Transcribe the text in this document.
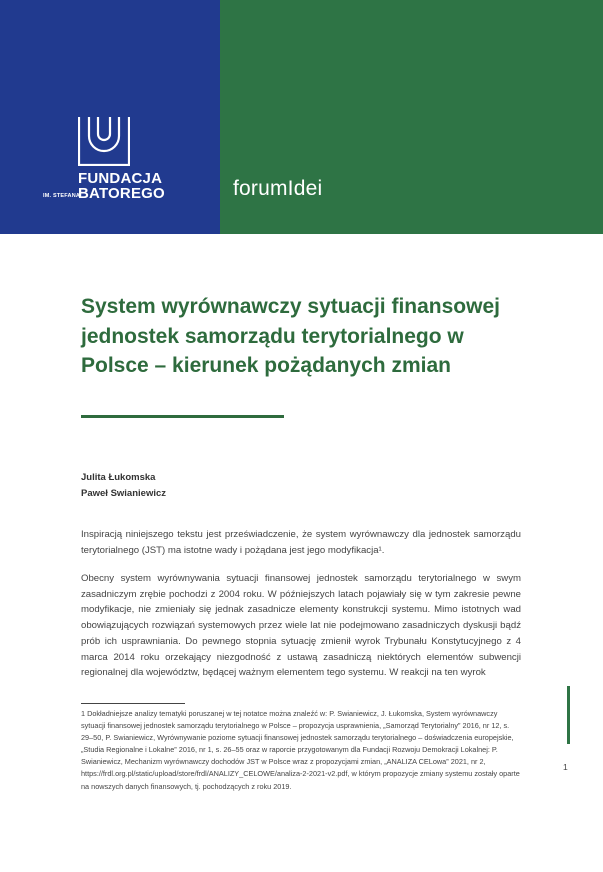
FUNDACJA
IM. STEFANA
BATOREGO	forumIdei
System wyrównawczy sytuacji finansowej jednostek samorządu terytorialnego w Polsce – kierunek pożądanych zmian
Julita Łukomska
Paweł Swianiewicz

Inspiracją niniejszego tekstu jest przeświadczenie, że system wyrównawczy dla jednostek samorządu terytorialnego (JST) ma istotne wady i pożądana jest jego modyfikacja¹.

Obecny system wyrównywania sytuacji finansowej jednostek samorządu terytorialnego w swym zasadniczym zrębie pochodzi z 2004 roku. W późniejszych latach pojawiały się w tym zakresie pewne modyfikacje, nie zmieniały się jednak zasadnicze elementy konstrukcji systemu. Mimo istotnych wad obowiązujących rozwiązań systemowych przez wiele lat nie podejmowano zasadniczych dyskusji bądź prób ich usprawniania. Do pewnego stopnia sytuację zmienił wyrok Trybunału Konstytucyjnego z 4 marca 2014 roku orzekający niezgodność z ustawą zasadniczą niektórych elementów subwencji regionalnej dla województw, będącej ważnym elementem tego systemu. W reakcji na ten wyrok

1 Dokładniejsze analizy tematyki poruszanej w tej notatce można znaleźć w: P. Swianiewicz, J. Łukomska, System wyrównawczy sytuacji finansowej jednostek samorządu terytorialnego w Polsce – propozycja usprawnienia, „Samorząd Terytorialny” 2016, nr 12, s. 29–50, P. Swianiewicz, Wyrównywanie poziome sytuacji finansowej jednostek samorządu terytorialnego – doświadczenia europejskie, „Studia Regionalne i Lokalne” 2016, nr 1, s. 26–55 oraz w raporcie przygotowanym dla Fundacji Rozwoju Demokracji Lokalnej: P. Swianiewicz, Mechanizm wyrównawczy dochodów JST w Polsce wraz z propozycjami zmian, „ANALIZA CELowa” 2021, nr 2, https://frdl.org.pl/static/upload/store/frdl/ANALIZY_CELOWE/analiza-2-2021-v2.pdf, w którym propozycje zmiany systemu zostały oparte na nowszych danych finansowych, tj. pochodzących z roku 2019.

1
